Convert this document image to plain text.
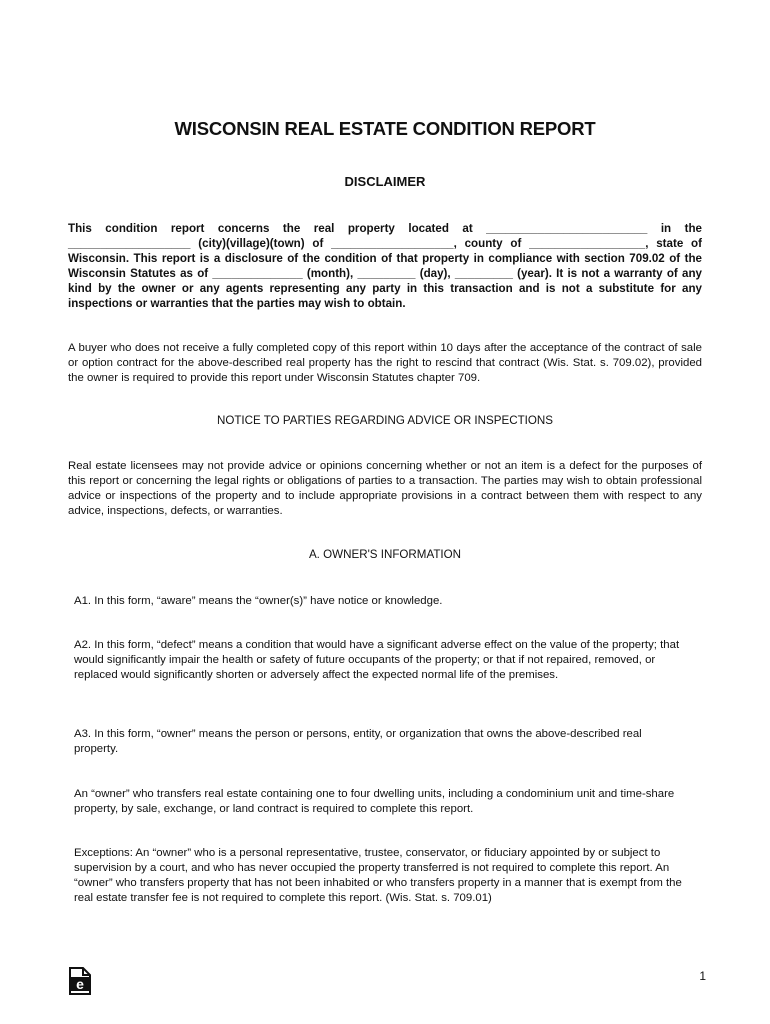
WISCONSIN REAL ESTATE CONDITION REPORT
DISCLAIMER
This condition report concerns the real property located at _________________________ in the ___________________ (city)(village)(town) of ___________________, county of __________________, state of Wisconsin. This report is a disclosure of the condition of that property in compliance with section 709.02 of the Wisconsin Statutes as of ______________ (month), _________ (day), _________ (year). It is not a warranty of any kind by the owner or any agents representing any party in this transaction and is not a substitute for any inspections or warranties that the parties may wish to obtain.
A buyer who does not receive a fully completed copy of this report within 10 days after the acceptance of the contract of sale or option contract for the above-described real property has the right to rescind that contract (Wis. Stat. s. 709.02), provided the owner is required to provide this report under Wisconsin Statutes chapter 709.
NOTICE TO PARTIES REGARDING ADVICE OR INSPECTIONS
Real estate licensees may not provide advice or opinions concerning whether or not an item is a defect for the purposes of this report or concerning the legal rights or obligations of parties to a transaction. The parties may wish to obtain professional advice or inspections of the property and to include appropriate provisions in a contract between them with respect to any advice, inspections, defects, or warranties.
A. OWNER'S INFORMATION
A1. In this form, “aware” means the “owner(s)” have notice or knowledge.
A2. In this form, “defect” means a condition that would have a significant adverse effect on the value of the property; that would significantly impair the health or safety of future occupants of the property; or that if not repaired, removed, or replaced would significantly shorten or adversely affect the expected normal life of the premises.
A3. In this form, “owner” means the person or persons, entity, or organization that owns the above-described real property.
An “owner” who transfers real estate containing one to four dwelling units, including a condominium unit and time-share property, by sale, exchange, or land contract is required to complete this report.
Exceptions: An “owner” who is a personal representative, trustee, conservator, or fiduciary appointed by or subject to supervision by a court, and who has never occupied the property transferred is not required to complete this report. An “owner” who transfers property that has not been inhabited or who transfers property in a manner that is exempt from the real estate transfer fee is not required to complete this report. (Wis. Stat. s. 709.01)
e	1
